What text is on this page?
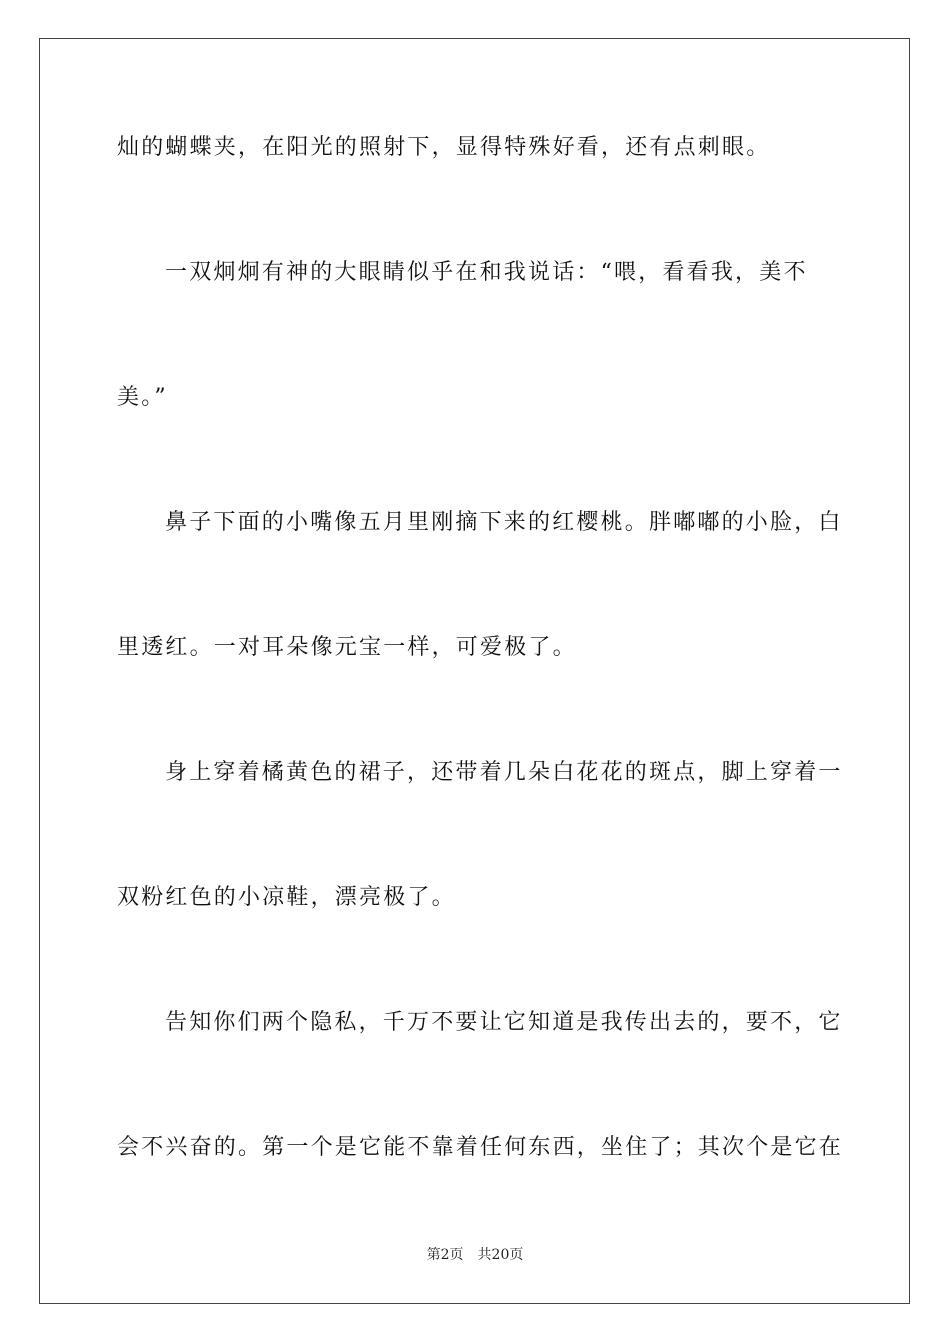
灿的蝴蝶夹，在阳光的照射下，显得特殊好看，还有点刺眼。
一双炯炯有神的大眼睛似乎在和我说话：“喂，看看我，美不
美。”
鼻子下面的小嘴像五月里刚摘下来的红樱桃。胖嘟嘟的小脸，白
里透红。一对耳朵像元宝一样，可爱极了。
身上穿着橘黄色的裙子，还带着几朵白花花的斑点，脚上穿着一
双粉红色的小凉鞋，漂亮极了。
告知你们两个隐私，千万不要让它知道是我传出去的，要不，它
会不兴奋的。第一个是它能不靠着任何东西，坐住了；其次个是它在
第2页 共20页
